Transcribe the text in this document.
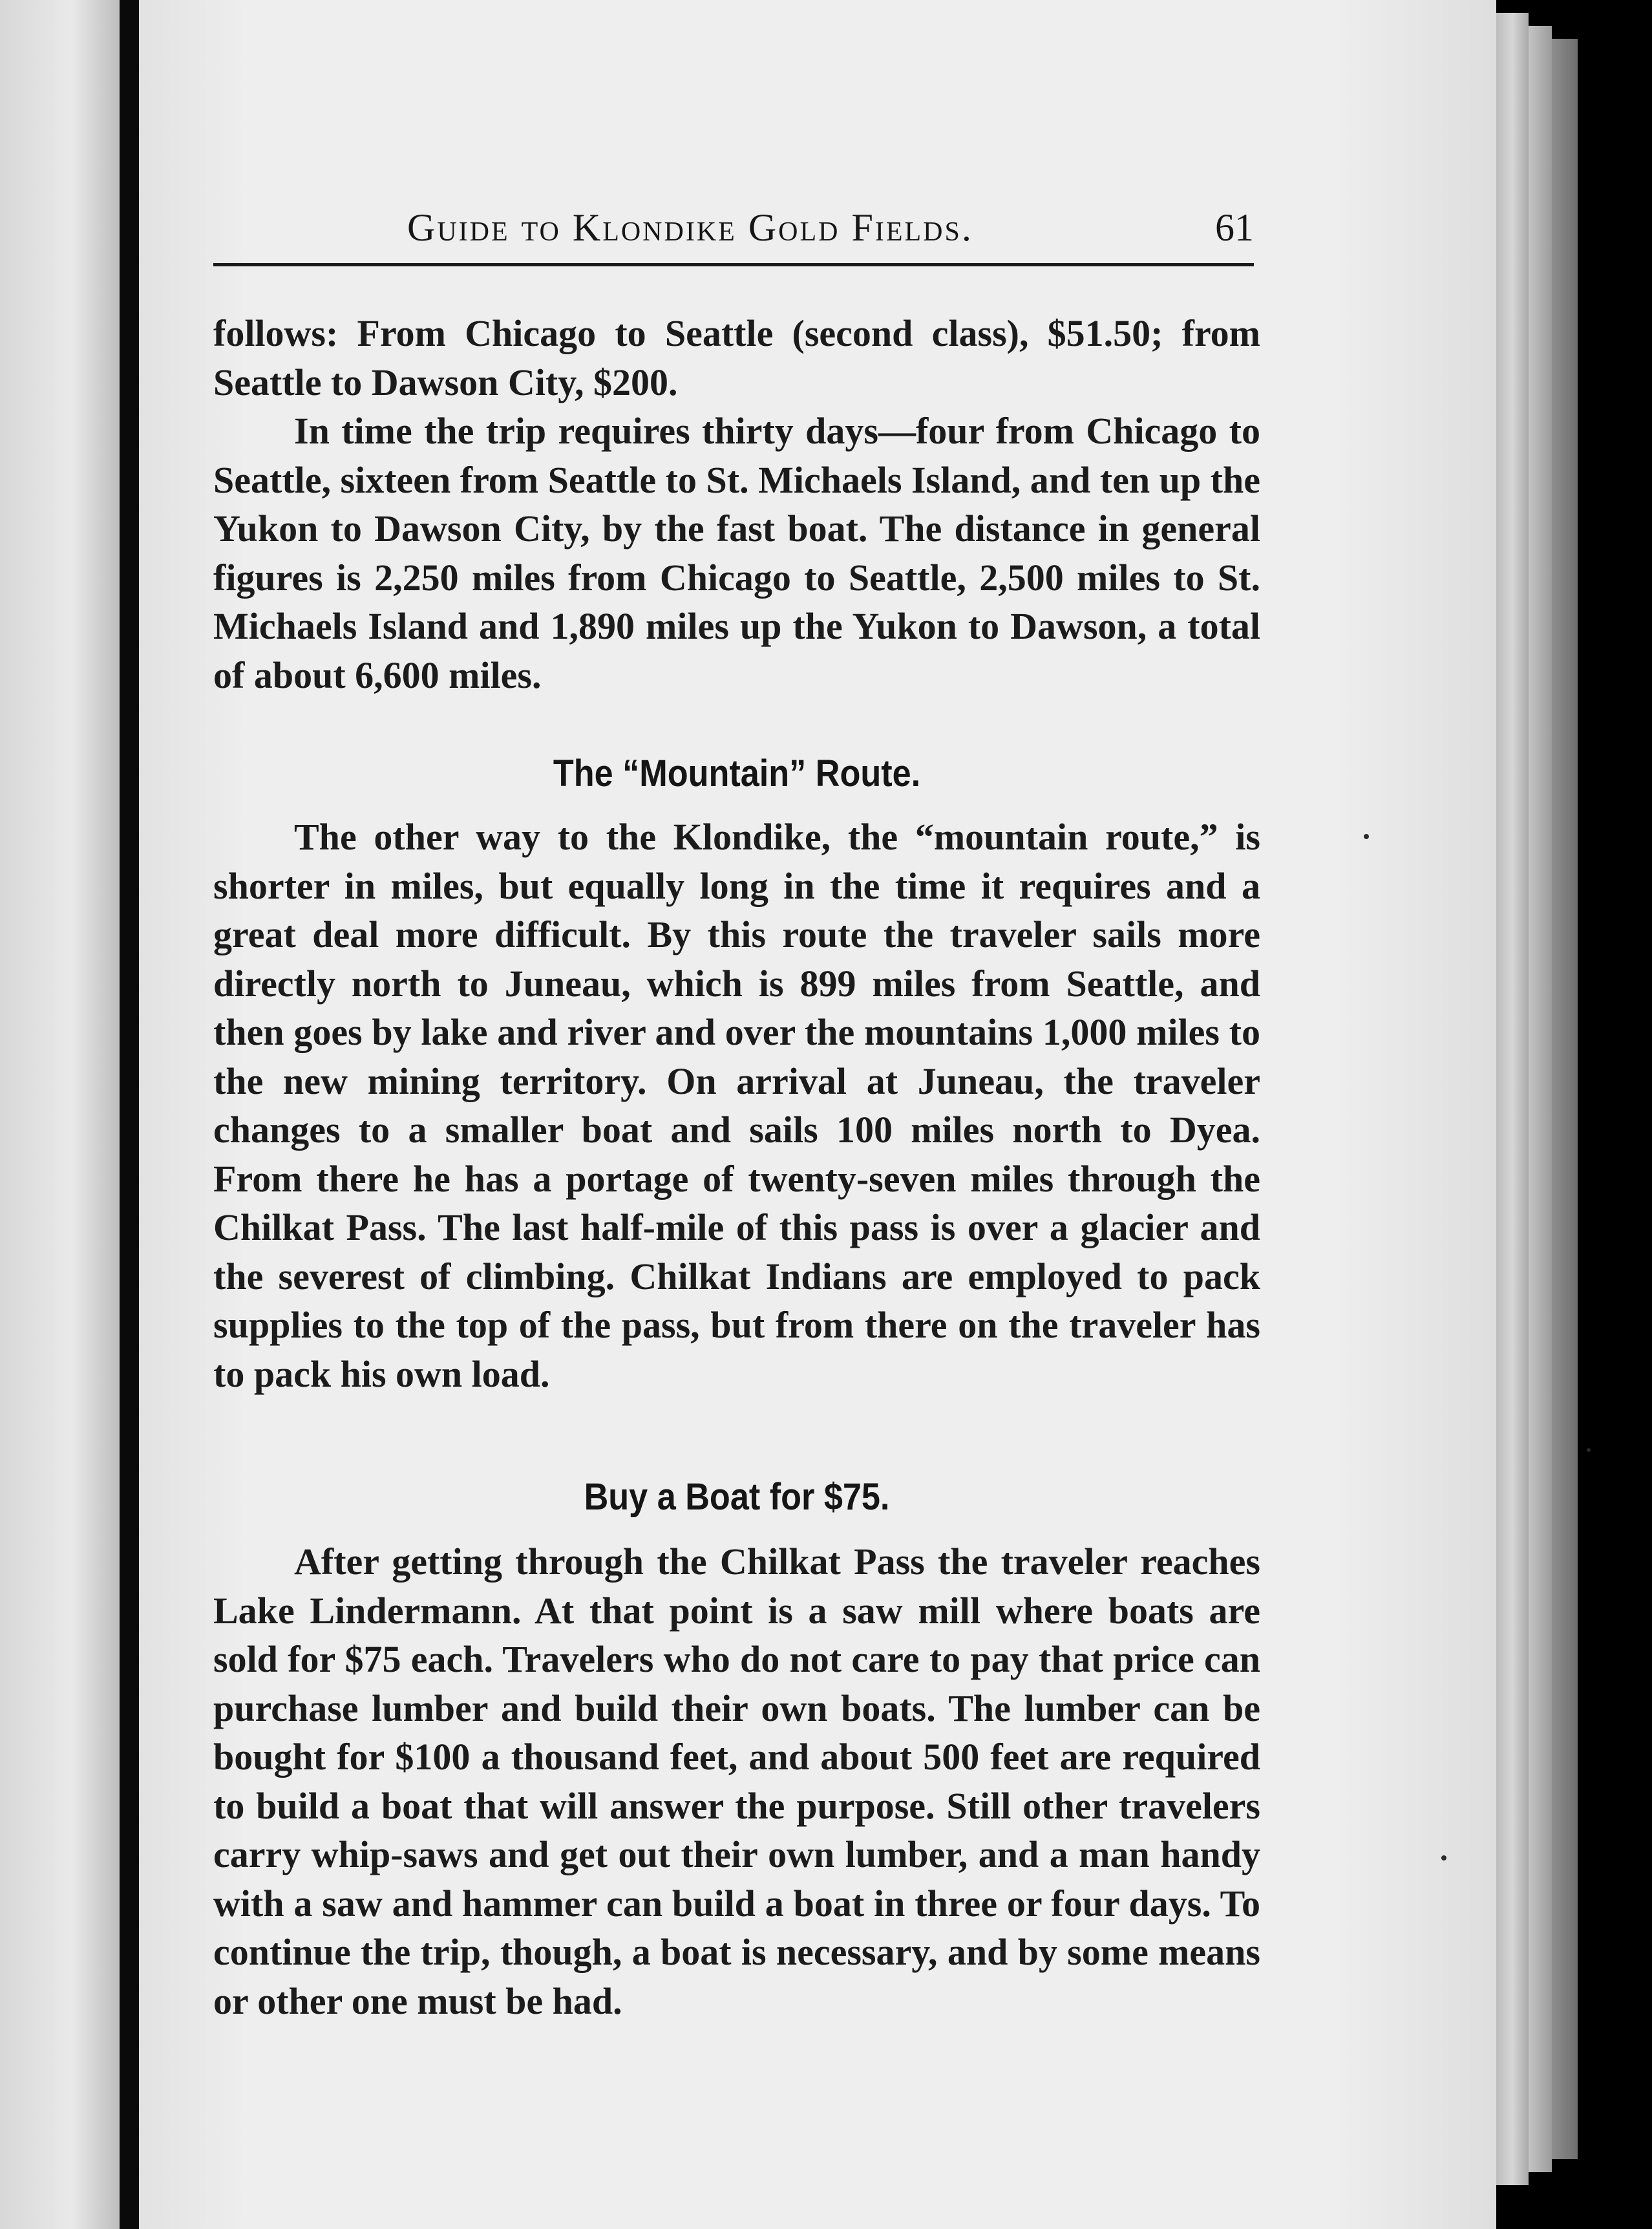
Guide to Klondike Gold Fields.	61

follows: From Chicago to Seattle (second class), $51.50; from Seattle to Dawson City, $200.

In time the trip requires thirty days—four from Chicago to Seattle, sixteen from Seattle to St. Michaels Island, and ten up the Yukon to Dawson City, by the fast boat. The distance in general figures is 2,250 miles from Chicago to Seattle, 2,500 miles to St. Michaels Island and 1,890 miles up the Yukon to Dawson, a total of about 6,600 miles.

The “Mountain” Route.

The other way to the Klondike, the “mountain route,” is shorter in miles, but equally long in the time it requires and a great deal more difficult. By this route the traveler sails more directly north to Juneau, which is 899 miles from Seattle, and then goes by lake and river and over the mountains 1,000 miles to the new mining territory. On arrival at Juneau, the traveler changes to a smaller boat and sails 100 miles north to Dyea. From there he has a portage of twenty-seven miles through the Chilkat Pass. The last half-mile of this pass is over a glacier and the severest of climbing. Chilkat Indians are employed to pack supplies to the top of the pass, but from there on the traveler has to pack his own load.

Buy a Boat for $75.

After getting through the Chilkat Pass the traveler reaches Lake Lindermann. At that point is a saw mill where boats are sold for $75 each. Travelers who do not care to pay that price can purchase lumber and build their own boats. The lumber can be bought for $100 a thousand feet, and about 500 feet are required to build a boat that will answer the purpose. Still other travelers carry whip-saws and get out their own lumber, and a man handy with a saw and hammer can build a boat in three or four days. To continue the trip, though, a boat is necessary, and by some means or other one must be had.
